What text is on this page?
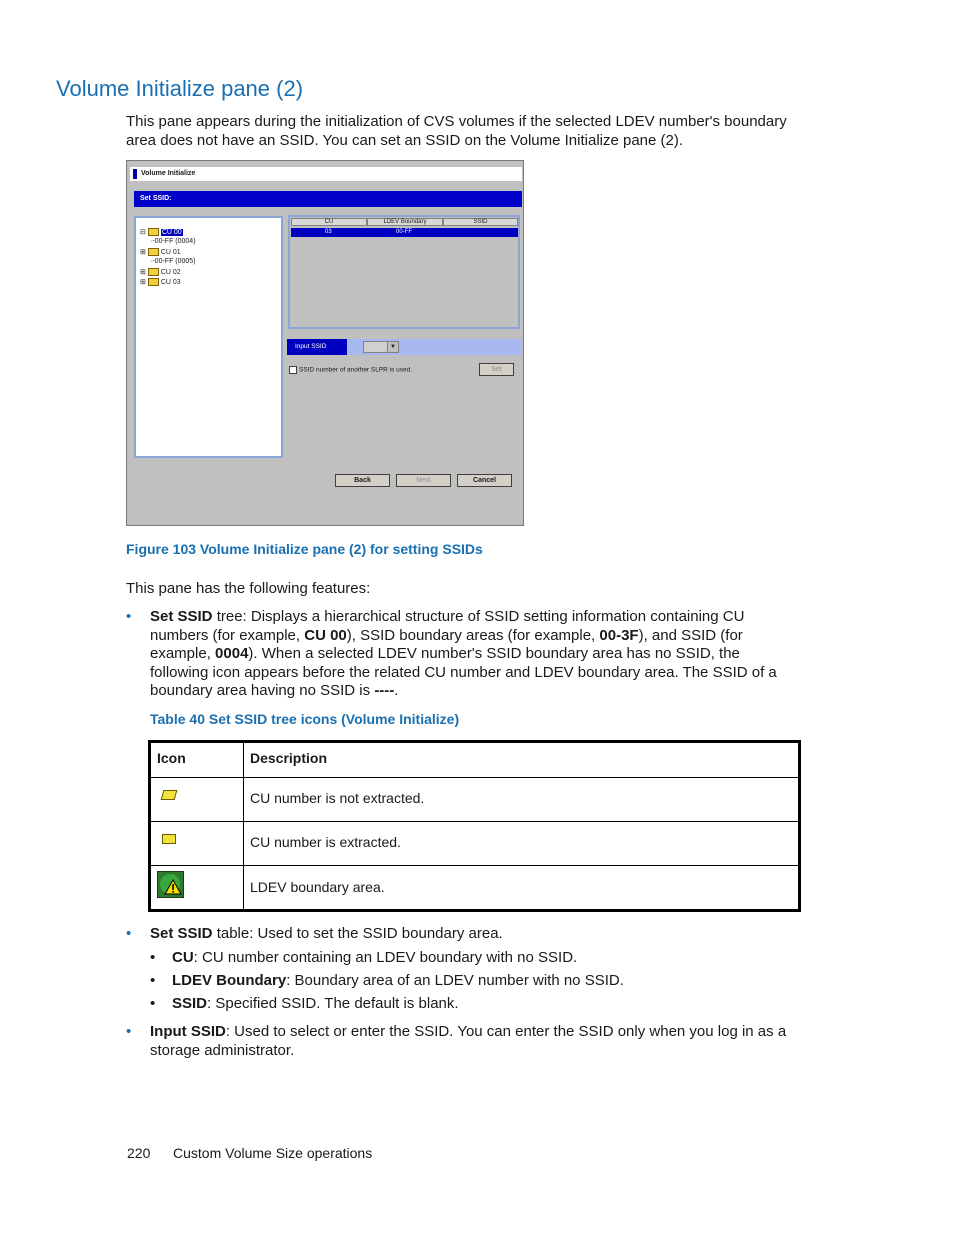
Volume Initialize pane (2)
This pane appears during the initialization of CVS volumes if the selected LDEV number's boundary area does not have an SSID. You can set an SSID on the Volume Initialize pane (2).
Volume Initialize
Set SSID:
⊟ CU 00
·-00-FF (0004)
·-00-FF (0005)
⊞ CU 01
⊞ CU 02
⊞ CU 03
CU	LDEV Boundary	SSID
03	00-FF
Input SSID	▼
SSID number of another SLPR is used.	Set
Back	Next	Cancel
Figure 103 Volume Initialize pane (2) for setting SSIDs
This pane has the following features:
• Set SSID tree: Displays a hierarchical structure of SSID setting information containing CU numbers (for example, CU 00), SSID boundary areas (for example, 00-3F), and SSID (for example, 0004). When a selected LDEV number's SSID boundary area has no SSID, the following icon appears before the related CU number and LDEV boundary area. The SSID of a boundary area having no SSID is ----.
Table 40 Set SSID tree icons (Volume Initialize)
Icon	Description
CU number is not extracted.
CU number is extracted.
LDEV boundary area.
• Set SSID table: Used to set the SSID boundary area.
• CU: CU number containing an LDEV boundary with no SSID.
• LDEV Boundary: Boundary area of an LDEV number with no SSID.
• SSID: Specified SSID. The default is blank.
• Input SSID: Used to select or enter the SSID. You can enter the SSID only when you log in as a storage administrator.
220 Custom Volume Size operations
